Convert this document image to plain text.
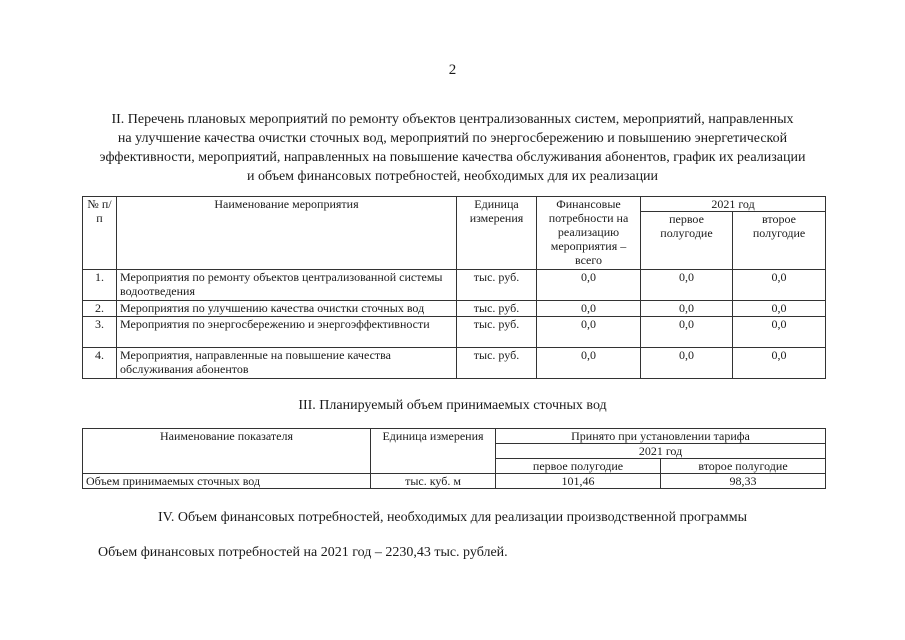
2
II. Перечень плановых мероприятий по ремонту объектов централизованных систем, мероприятий, направленных
на улучшение качества очистки сточных вод, мероприятий по энергосбережению и повышению энергетической
эффективности, мероприятий, направленных на повышение качества обслуживания абонентов, график их реализации
и объем финансовых потребностей, необходимых для их реализации
№ п/п	Наименование мероприятия	Единица измерения	Финансовые потребности на реализацию мероприятия – всего	2021 год	
				первое полугодие	второе полугодие
1.	Мероприятия по ремонту объектов централизованной системы водоотведения	тыс. руб.	0,0	0,0	0,0
2.	Мероприятия по улучшению качества очистки сточных вод	тыс. руб.	0,0	0,0	0,0
3.	Мероприятия по энергосбережению и энергоэффективности	тыс. руб.	0,0	0,0	0,0
4.	Мероприятия, направленные на повышение качества обслуживания абонентов	тыс. руб.	0,0	0,0	0,0
III. Планируемый объем принимаемых сточных вод
Наименование показателя	Единица измерения	Принято при установлении тарифа	
		2021 год	
		первое полугодие	второе полугодие
Объем принимаемых сточных вод	тыс. куб. м	101,46	98,33
IV. Объем финансовых потребностей, необходимых для реализации производственной программы
Объем финансовых потребностей на 2021 год – 2230,43 тыс. рублей.
